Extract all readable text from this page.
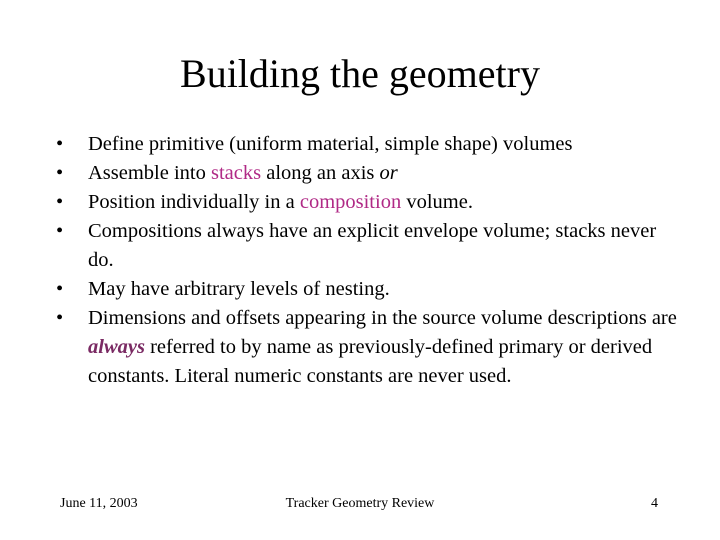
Building the geometry
• Define primitive (uniform material, simple shape) volumes
• Assemble into stacks along an axis or
• Position individually in a composition volume.
• Compositions always have an explicit envelope volume; stacks never do.
• May have arbitrary levels of nesting.
• Dimensions and offsets appearing in the source volume descriptions are always referred to by name as previously-defined primary or derived constants. Literal numeric constants are never used.
June 11, 2003	Tracker Geometry Review	4
